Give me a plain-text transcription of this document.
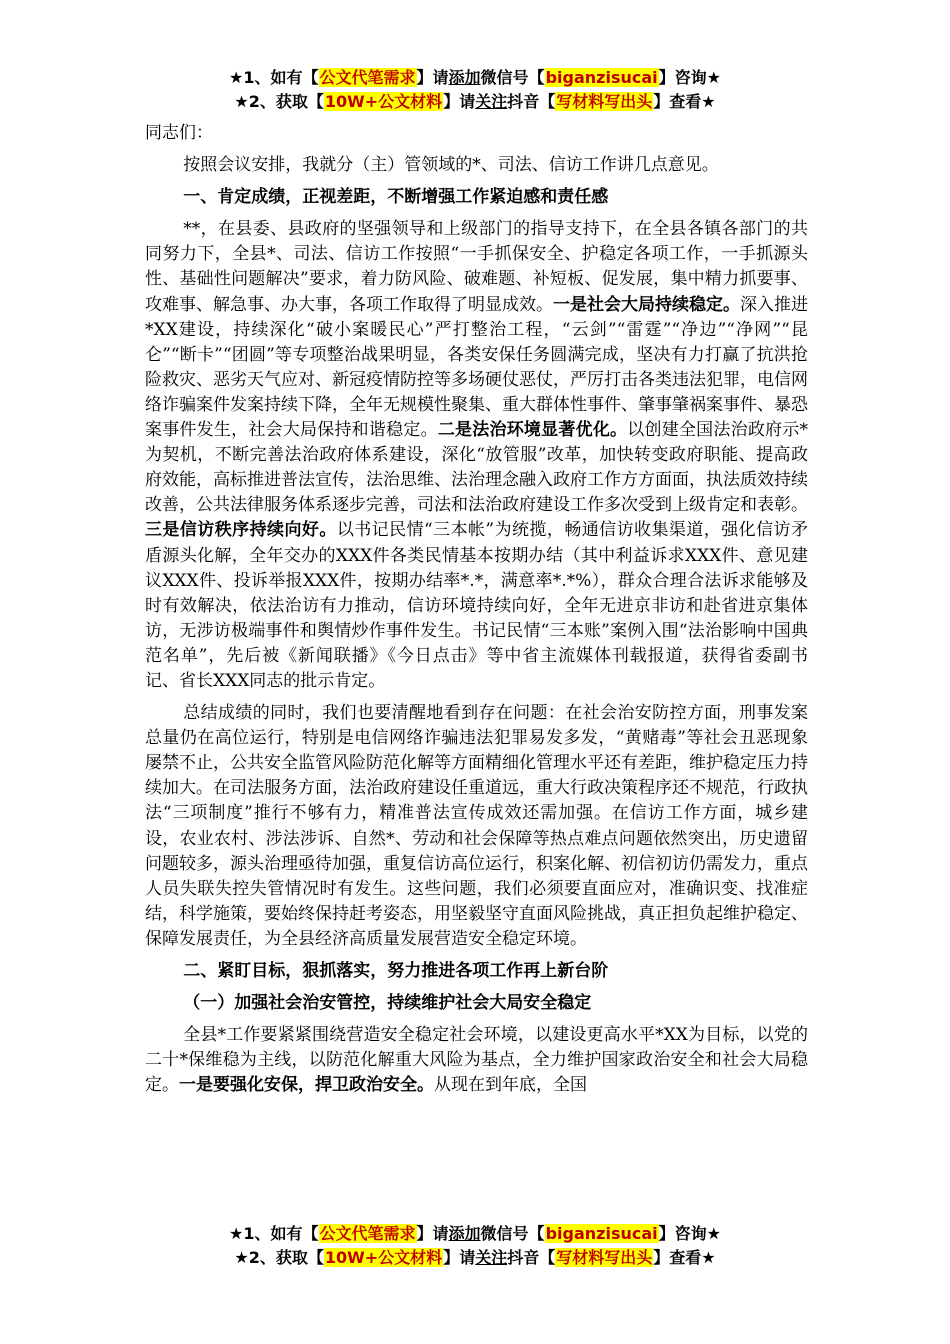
★1、如有【公文代笔需求】请添加微信号【biganzisucai】咨询★
★2、获取【10W+公文材料】请关注抖音【写材料写出头】查看★

同志们：

按照会议安排，我就分（主）管领域的*、司法、信访工作讲几点意见。

一、肯定成绩，正视差距，不断增强工作紧迫感和责任感

**，在县委、县政府的坚强领导和上级部门的指导支持下，在全县各镇各部门的共同努力下，全县*、司法、信访工作按照“一手抓保安全、护稳定各项工作，一手抓源头性、基础性问题解决”要求，着力防风险、破难题、补短板、促发展，集中精力抓要事、攻难事、解急事、办大事，各项工作取得了明显成效。一是社会大局持续稳定。深入推进*XX建设，持续深化“破小案暖民心”严打整治工程，“云剑”“雷霆”“净边”“净网”“昆仑”“断卡”“团圆”等专项整治战果明显，各类安保任务圆满完成，坚决有力打赢了抗洪抢险救灾、恶劣天气应对、新冠疫情防控等多场硬仗恶仗，严厉打击各类违法犯罪，电信网络诈骗案件发案持续下降，全年无规模性聚集、重大群体性事件、肇事肇祸案事件、暴恐案事件发生，社会大局保持和谐稳定。二是法治环境显著优化。以创建全国法治政府示*为契机，不断完善法治政府体系建设，深化“放管服”改革，加快转变政府职能、提高政府效能，高标推进普法宣传，法治思维、法治理念融入政府工作方方面面，执法质效持续改善，公共法律服务体系逐步完善，司法和法治政府建设工作多次受到上级肯定和表彰。三是信访秩序持续向好。以书记民情“三本帐”为统揽，畅通信访收集渠道，强化信访矛盾源头化解，全年交办的XXX件各类民情基本按期办结（其中利益诉求XXX件、意见建议XXX件、投诉举报XXX件，按期办结率*.*，满意率*.*%），群众合理合法诉求能够及时有效解决，依法治访有力推动，信访环境持续向好，全年无进京非访和赴省进京集体访，无涉访极端事件和舆情炒作事件发生。书记民情“三本账”案例入围“法治影响中国典范名单”，先后被《新闻联播》《今日点击》等中省主流媒体刊载报道，获得省委副书记、省长XXX同志的批示肯定。

总结成绩的同时，我们也要清醒地看到存在问题：在社会治安防控方面，刑事发案总量仍在高位运行，特别是电信网络诈骗违法犯罪易发多发，“黄赌毒”等社会丑恶现象屡禁不止，公共安全监管风险防范化解等方面精细化管理水平还有差距，维护稳定压力持续加大。在司法服务方面，法治政府建设任重道远，重大行政决策程序还不规范，行政执法“三项制度”推行不够有力，精准普法宣传成效还需加强。在信访工作方面，城乡建设，农业农村、涉法涉诉、自然*、劳动和社会保障等热点难点问题依然突出，历史遗留问题较多，源头治理亟待加强，重复信访高位运行，积案化解、初信初访仍需发力，重点人员失联失控失管情况时有发生。这些问题，我们必须要直面应对，准确识变、找准症结，科学施策，要始终保持赶考姿态，用坚毅坚守直面风险挑战，真正担负起维护稳定、保障发展责任，为全县经济高质量发展营造安全稳定环境。

二、紧盯目标，狠抓落实，努力推进各项工作再上新台阶

（一）加强社会治安管控，持续维护社会大局安全稳定

全县*工作要紧紧围绕营造安全稳定社会环境，以建设更高水平*XX为目标，以党的二十*保维稳为主线，以防范化解重大风险为基点，全力维护国家政治安全和社会大局稳定。一是要强化安保，捍卫政治安全。从现在到年底，全国

★1、如有【公文代笔需求】请添加微信号【biganzisucai】咨询★
★2、获取【10W+公文材料】请关注抖音【写材料写出头】查看★
